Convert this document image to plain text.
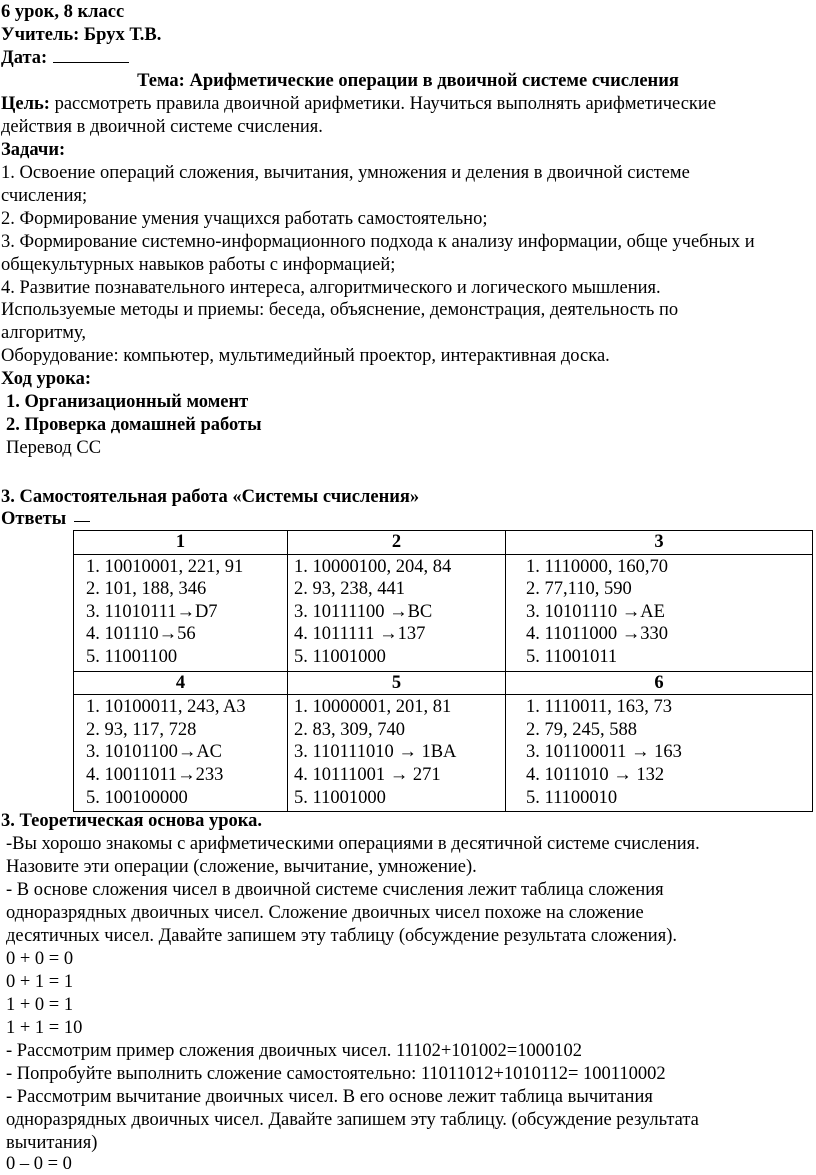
6 урок, 8 класс
Учитель: Брух Т.В.
Дата:
Тема: Арифметические операции в двоичной системе счисления
Цель: рассмотреть правила двоичной арифметики. Научиться выполнять арифметические
действия в двоичной системе счисления.
Задачи:
1. Освоение операций сложения, вычитания, умножения и деления в двоичной системе
счисления;
2. Формирование умения учащихся работать самостоятельно;
3. Формирование системно-информационного подхода к анализу информации, обще учебных и
общекультурных навыков работы с информацией;
4. Развитие познавательного интереса, алгоритмического и логического мышления.
Используемые методы и приемы: беседа, объяснение, демонстрация, деятельность по
алгоритму,
Оборудование: компьютер, мультимедийный проектор, интерактивная доска.
Ход урока:
1. Организационный момент
2. Проверка домашней работы
Перевод СС
3. Самостоятельная работа «Системы счисления»
Ответы
1	2	3

1. 10010001, 221, 91
2. 101, 188, 346
3. 11010111→D7
4. 101110→56
5. 11001100	1. 10000100, 204, 84
2. 93, 238, 441
3. 10111100 →BC
4. 1011111 →137
5. 11001000	1. 1110000, 160,70
2. 77,110, 590
3. 10101110 →AE
4. 11011000 →330
5. 11001011

4	5	6

1. 10100011, 243, A3
2. 93, 117, 728
3. 10101100→AC
4. 10011011→233
5. 100100000	1. 10000001, 201, 81
2. 83, 309, 740
3. 110111010 → 1BA
4. 10111001 → 271
5. 11001000	1. 1110011, 163, 73
2. 79, 245, 588
3. 101100011 → 163
4. 1011010 → 132
5. 11100010
3. Теоретическая основа урока.
-Вы хорошо знакомы с арифметическими операциями в десятичной системе счисления.
Назовите эти операции (сложение, вычитание, умножение).
- В основе сложения чисел в двоичной системе счисления лежит таблица сложения
одноразрядных двоичных чисел. Сложение двоичных чисел похоже на сложение
десятичных чисел. Давайте запишем эту таблицу (обсуждение результата сложения).
0 + 0 = 0
0 + 1 = 1
1 + 0 = 1
1 + 1 = 10
- Рассмотрим пример сложения двоичных чисел. 11102+101002=1000102
- Попробуйте выполнить сложение самостоятельно: 11011012+1010112= 100110002
- Рассмотрим вычитание двоичных чисел. В его основе лежит таблица вычитания
одноразрядных двоичных чисел. Давайте запишем эту таблицу. (обсуждение результата
вычитания)
0 – 0 = 0
